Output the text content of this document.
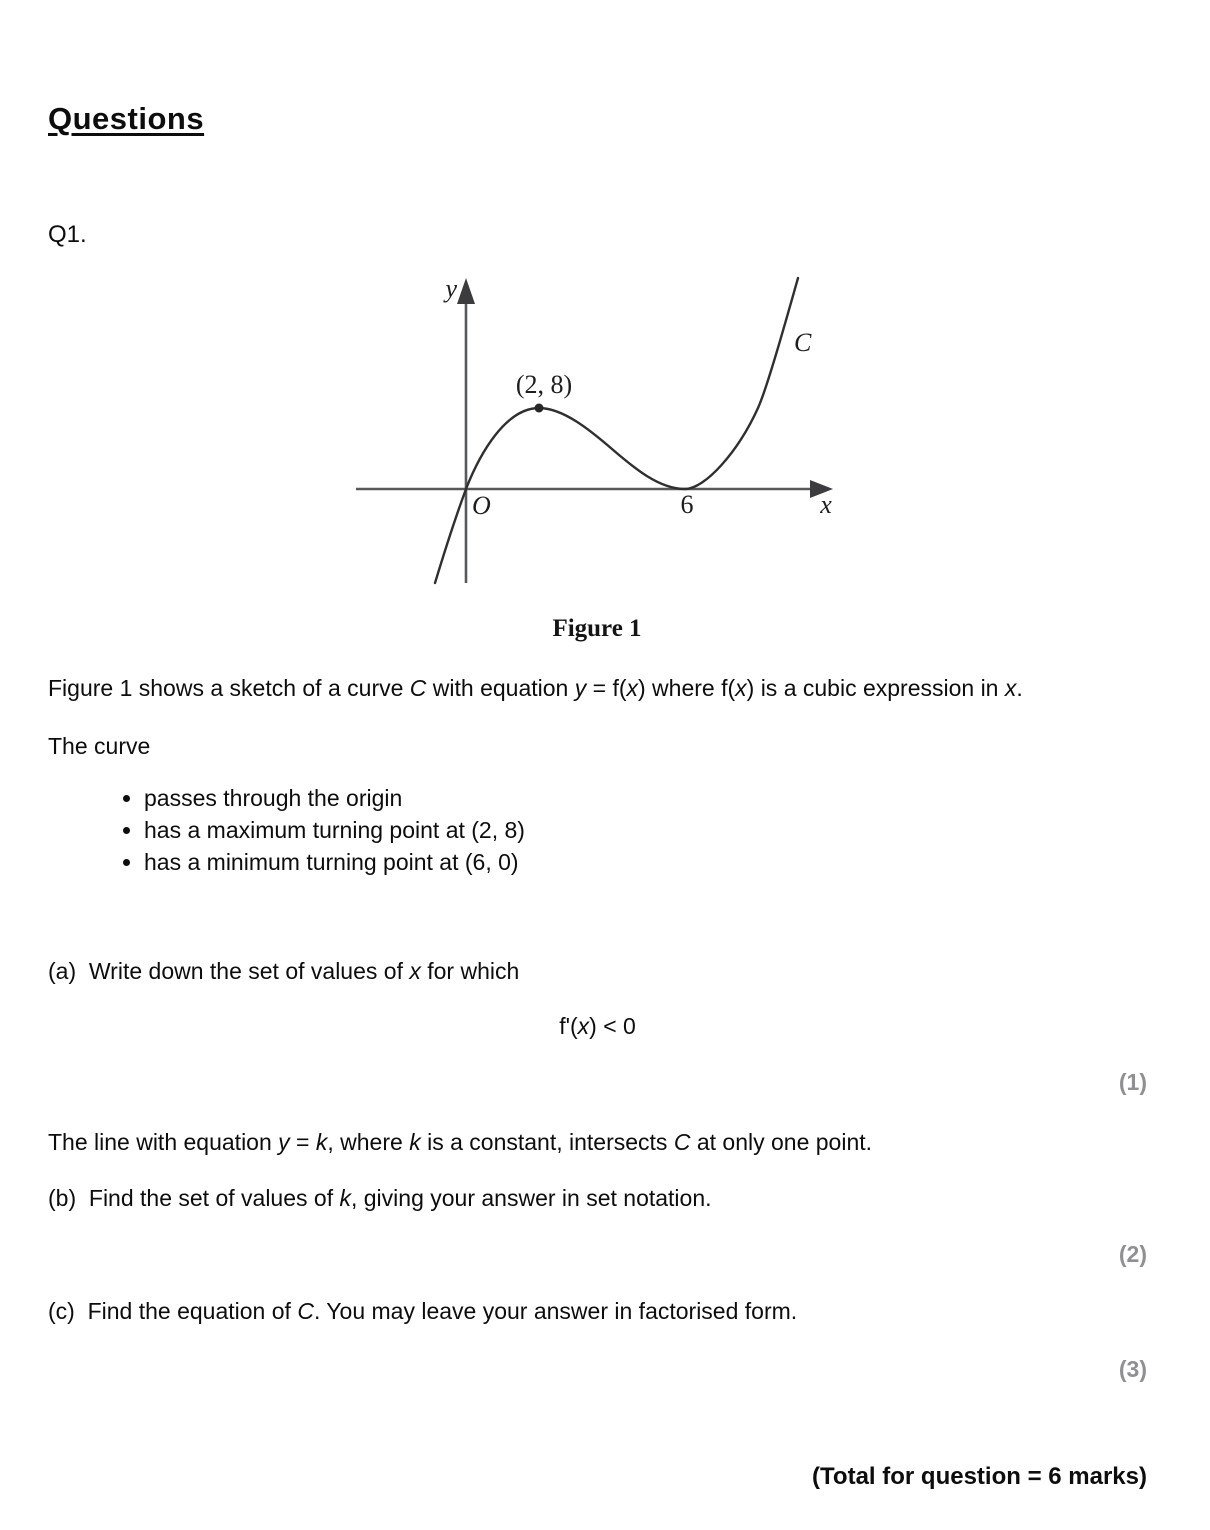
Questions
Q1.
y
x
O	6
C
(2, 8)
Figure 1
Figure 1 shows a sketch of a curve C with equation y = f(x) where f(x) is a cubic expression in x.
The curve
• passes through the origin
• has a maximum turning point at (2, 8)
• has a minimum turning point at (6, 0)
(a)  Write down the set of values of x for which
f'(x) < 0
(1)
The line with equation y = k, where k is a constant, intersects C at only one point.
(b)  Find the set of values of k, giving your answer in set notation.
(2)
(c)  Find the equation of C. You may leave your answer in factorised form.
(3)
(Total for question = 6 marks)
